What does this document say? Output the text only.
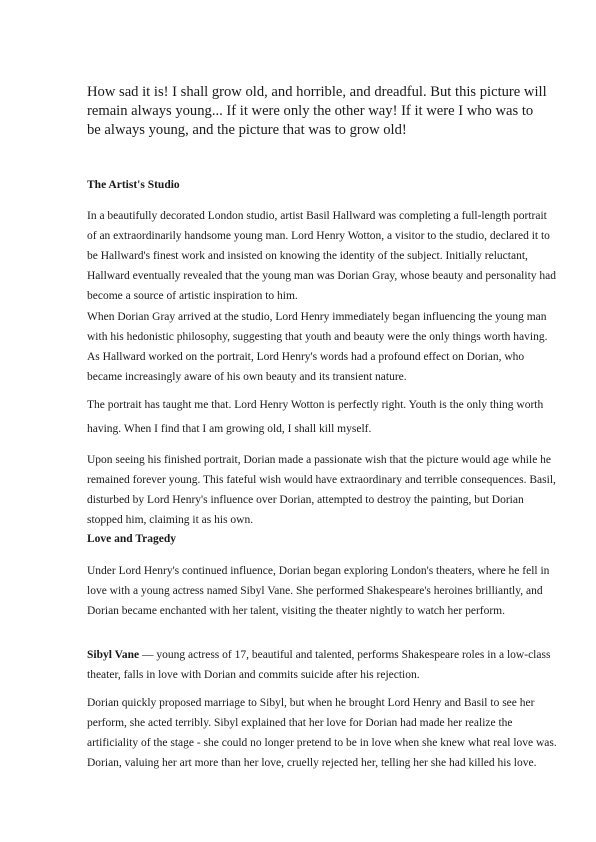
How sad it is! I shall grow old, and horrible, and dreadful. But this picture will remain always young... If it were only the other way! If it were I who was to be always young, and the picture that was to grow old!

The Artist's Studio

In a beautifully decorated London studio, artist Basil Hallward was completing a full-length portrait of an extraordinarily handsome young man. Lord Henry Wotton, a visitor to the studio, declared it to be Hallward's finest work and insisted on knowing the identity of the subject. Initially reluctant, Hallward eventually revealed that the young man was Dorian Gray, whose beauty and personality had become a source of artistic inspiration to him.

When Dorian Gray arrived at the studio, Lord Henry immediately began influencing the young man with his hedonistic philosophy, suggesting that youth and beauty were the only things worth having. As Hallward worked on the portrait, Lord Henry's words had a profound effect on Dorian, who became increasingly aware of his own beauty and its transient nature.

The portrait has taught me that. Lord Henry Wotton is perfectly right. Youth is the only thing worth having. When I find that I am growing old, I shall kill myself.

Upon seeing his finished portrait, Dorian made a passionate wish that the picture would age while he remained forever young. This fateful wish would have extraordinary and terrible consequences. Basil, disturbed by Lord Henry's influence over Dorian, attempted to destroy the painting, but Dorian stopped him, claiming it as his own.

Love and Tragedy

Under Lord Henry's continued influence, Dorian began exploring London's theaters, where he fell in love with a young actress named Sibyl Vane. She performed Shakespeare's heroines brilliantly, and Dorian became enchanted with her talent, visiting the theater nightly to watch her perform.

Sibyl Vane — young actress of 17, beautiful and talented, performs Shakespeare roles in a low-class theater, falls in love with Dorian and commits suicide after his rejection.

Dorian quickly proposed marriage to Sibyl, but when he brought Lord Henry and Basil to see her perform, she acted terribly. Sibyl explained that her love for Dorian had made her realize the artificiality of the stage - she could no longer pretend to be in love when she knew what real love was. Dorian, valuing her art more than her love, cruelly rejected her, telling her she had killed his love.
